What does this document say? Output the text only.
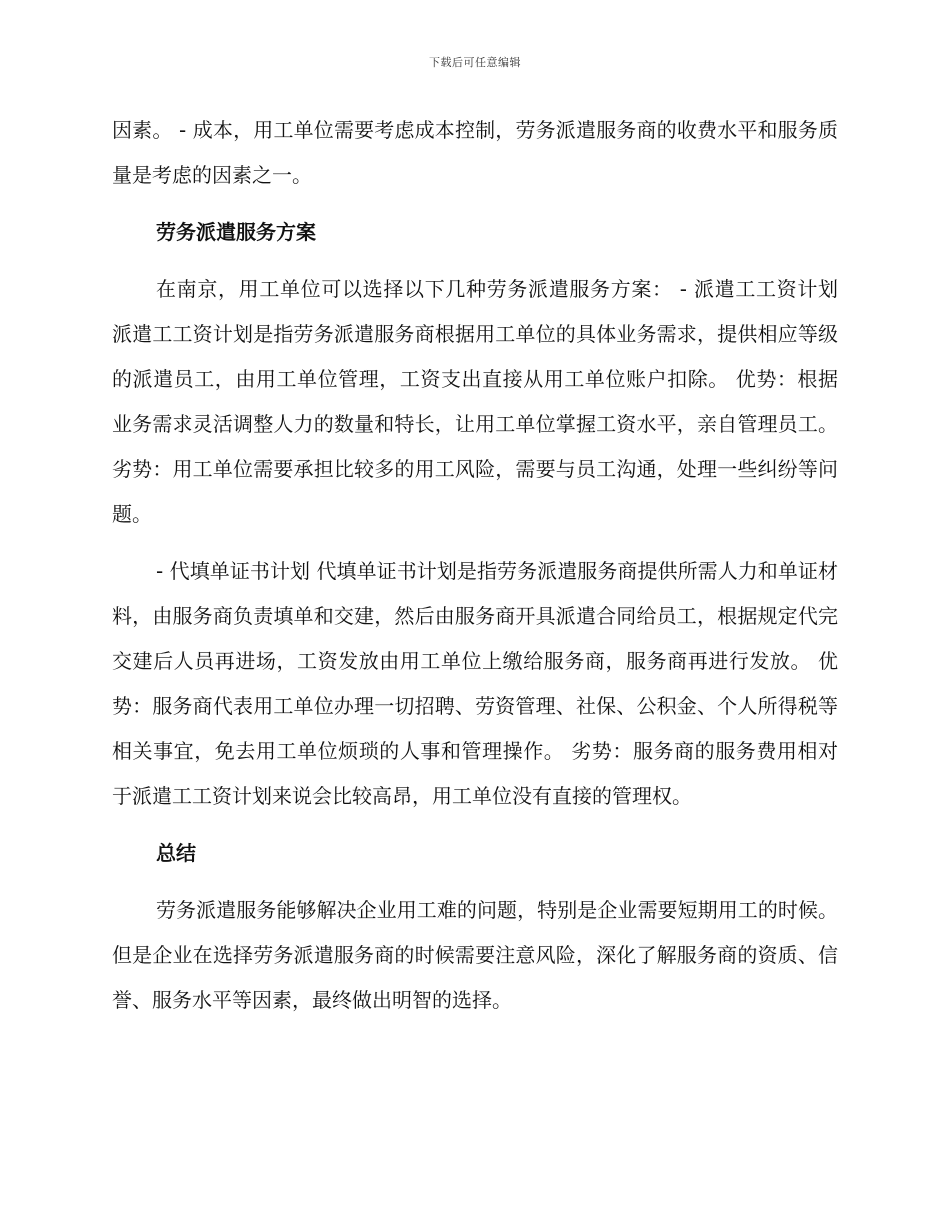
下载后可任意编辑

因素。 - 成本，用工单位需要考虑成本控制，劳务派遣服务商的收费水平和服务质量是考虑的因素之一。

劳务派遣服务方案

在南京，用工单位可以选择以下几种劳务派遣服务方案： - 派遣工工资计划 派遣工工资计划是指劳务派遣服务商根据用工单位的具体业务需求，提供相应等级的派遣员工，由用工单位管理，工资支出直接从用工单位账户扣除。 优势：根据业务需求灵活调整人力的数量和特长，让用工单位掌握工资水平，亲自管理员工。 劣势：用工单位需要承担比较多的用工风险，需要与员工沟通，处理一些纠纷等问题。

- 代填单证书计划 代填单证书计划是指劳务派遣服务商提供所需人力和单证材料，由服务商负责填单和交建，然后由服务商开具派遣合同给员工，根据规定代完交建后人员再进场，工资发放由用工单位上缴给服务商，服务商再进行发放。 优势：服务商代表用工单位办理一切招聘、劳资管理、社保、公积金、个人所得税等相关事宜，免去用工单位烦琐的人事和管理操作。 劣势：服务商的服务费用相对于派遣工工资计划来说会比较高昂，用工单位没有直接的管理权。

总结

劳务派遣服务能够解决企业用工难的问题，特别是企业需要短期用工的时候。但是企业在选择劳务派遣服务商的时候需要注意风险，深化了解服务商的资质、信誉、服务水平等因素，最终做出明智的选择。
